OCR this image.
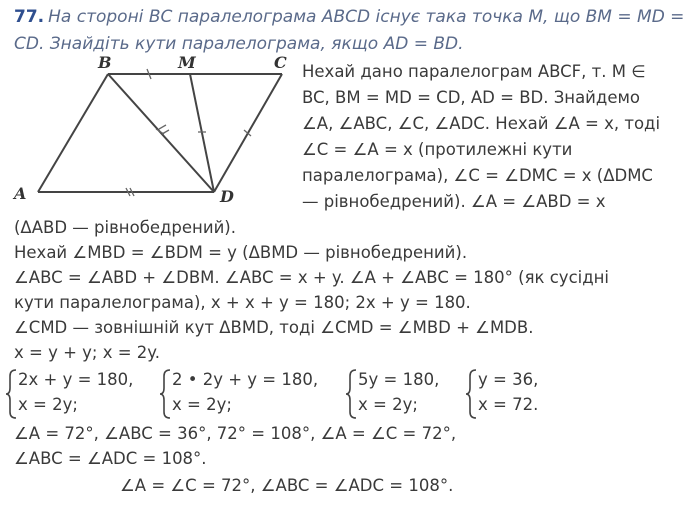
77. На стороні ВС паралелограма ABCD існує така точка M, що BM = MD = CD. Знайдіть кути паралелограма, якщо AD = BD.
B	M	C
A	D
Нехай дано паралелограм ABCF, т. M ∈
BC, BM = MD = CD, AD = BD. Знайдемо
∠A, ∠ABC, ∠C, ∠ADC. Нехай ∠A = x, тоді
∠C = ∠A = x (протилежні кути
паралелограма), ∠C = ∠DMC = x (ΔDMC
— рівнобедрений). ∠A = ∠ABD = x
(ΔABD — рівнобедрений).
Нехай ∠MBD = ∠BDM = y (ΔBMD — рівнобедрений).
∠ABC = ∠ABD + ∠DBM. ∠ABC = x + y. ∠A + ∠ABC = 180° (як сусідні
кути паралелограма), x + x + y = 180; 2x + y = 180.
∠CMD — зовнішній кут ΔBMD, тоді ∠CMD = ∠MBD + ∠MDB.
x = y + y; x = 2y.
2x + y = 180,
x = 2y;
2 • 2y + y = 180,
x = 2y;
5y = 180,
x = 2y;
y = 36,
x = 72.
∠A = 72°, ∠ABC = 36°, 72° = 108°, ∠A = ∠C = 72°,
∠ABC = ∠ADC = 108°.
∠A = ∠C = 72°, ∠ABC = ∠ADC = 108°.
